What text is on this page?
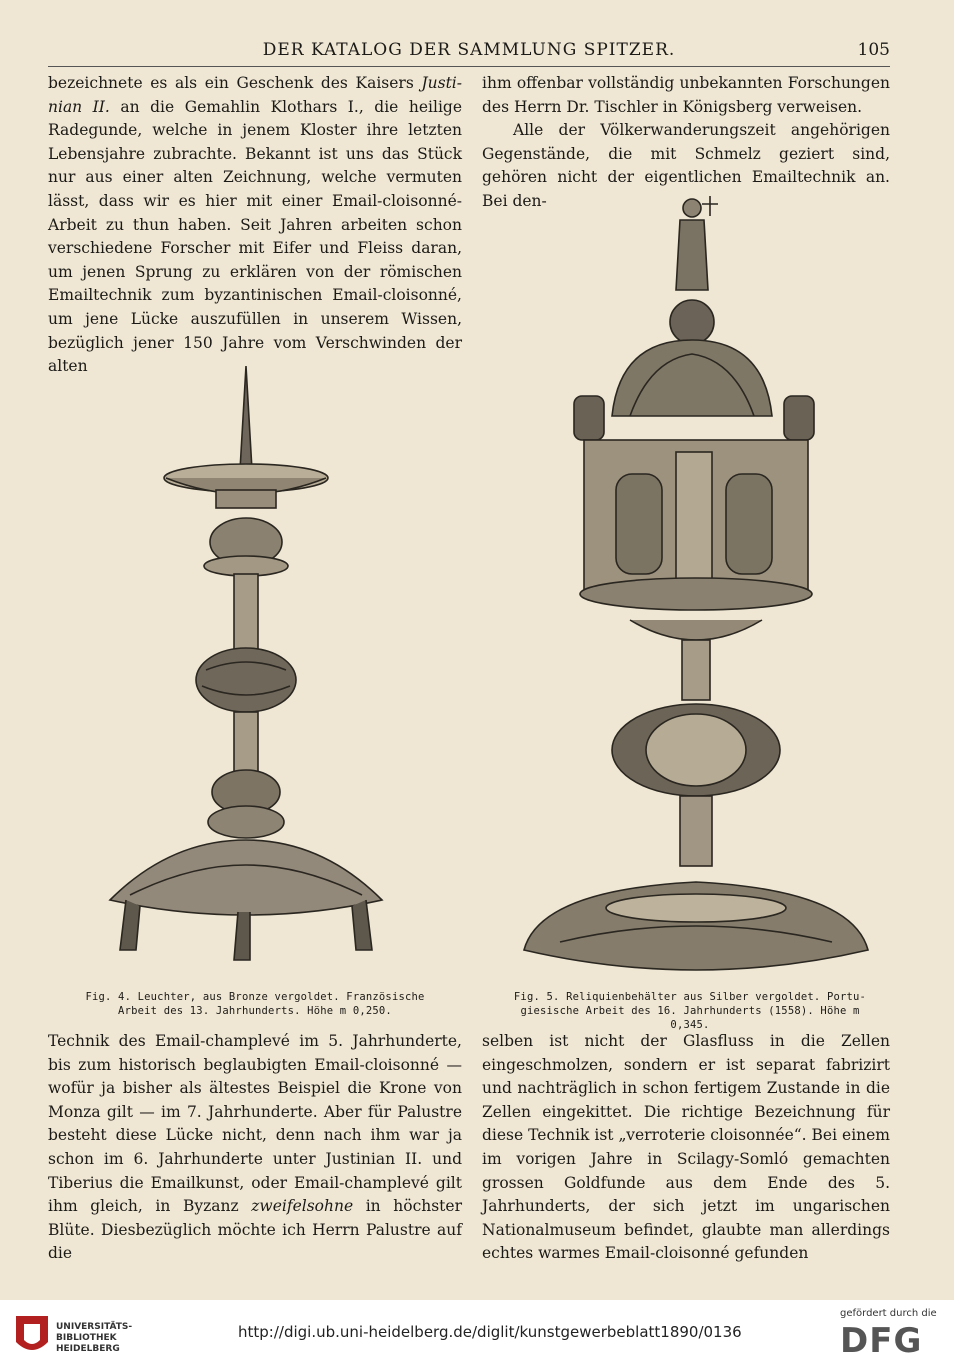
DER KATALOG DER SAMMLUNG SPITZER.	105

bezeichnete es als ein Geschenk des Kaisers Justi-nian II. an die Gemahlin Klothars I., die heilige Radegunde, welche in jenem Kloster ihre letzten Lebensjahre zubrachte. Bekannt ist uns das Stück nur aus einer alten Zeichnung, welche vermuten lässt, dass wir es hier mit einer Email-cloisonné-Arbeit zu thun haben. Seit Jahren arbeiten schon verschiedene Forscher mit Eifer und Fleiss daran, um jenen Sprung zu erklären von der römischen Emailtechnik zum byzantinischen Email-cloisonné, um jene Lücke auszufüllen in unserem Wissen, bezüglich jener 150 Jahre vom Verschwinden der alten

ihm offenbar vollständig unbekannten Forschungen des Herrn Dr. Tischler in Königsberg verweisen.

Alle der Völkerwanderungszeit angehörigen Gegenstände, die mit Schmelz geziert sind, gehören nicht der eigentlichen Emailtechnik an. Bei den-

Fig. 4. Leuchter, aus Bronze vergoldet. Französische
Arbeit des 13. Jahrhunderts. Höhe m 0,250.
Fig. 5. Reliquienbehälter aus Silber vergoldet. Portu-
giesische Arbeit des 16. Jahrhunderts (1558). Höhe m 0,345.

Technik des Email-champlevé im 5. Jahrhunderte, bis zum historisch beglaubigten Email-cloisonné — wofür ja bisher als ältestes Beispiel die Krone von Monza gilt — im 7. Jahrhunderte. Aber für Palustre besteht diese Lücke nicht, denn nach ihm war ja schon im 6. Jahrhunderte unter Justinian II. und Tiberius die Emailkunst, oder Email-champlevé gilt ihm gleich, in Byzanz zweifelsohne in höchster Blüte. Diesbezüglich möchte ich Herrn Palustre auf die

selben ist nicht der Glasfluss in die Zellen eingeschmolzen, sondern er ist separat fabrizirt und nachträglich in schon fertigem Zustande in die Zellen eingekittet. Die richtige Bezeichnung für diese Technik ist „verroterie cloisonnée“. Bei einem im vorigen Jahre in Scilagy-Somló gemachten grossen Goldfunde aus dem Ende des 5. Jahrhunderts, der sich jetzt im ungarischen Nationalmuseum befindet, glaubte man allerdings echtes warmes Email-cloisonné gefunden

UNIVERSITÄTS-
BIBLIOTHEK
HEIDELBERG
http://digi.ub.uni-heidelberg.de/diglit/kunstgewerbeblatt1890/0136
gefördert durch die
DFG
